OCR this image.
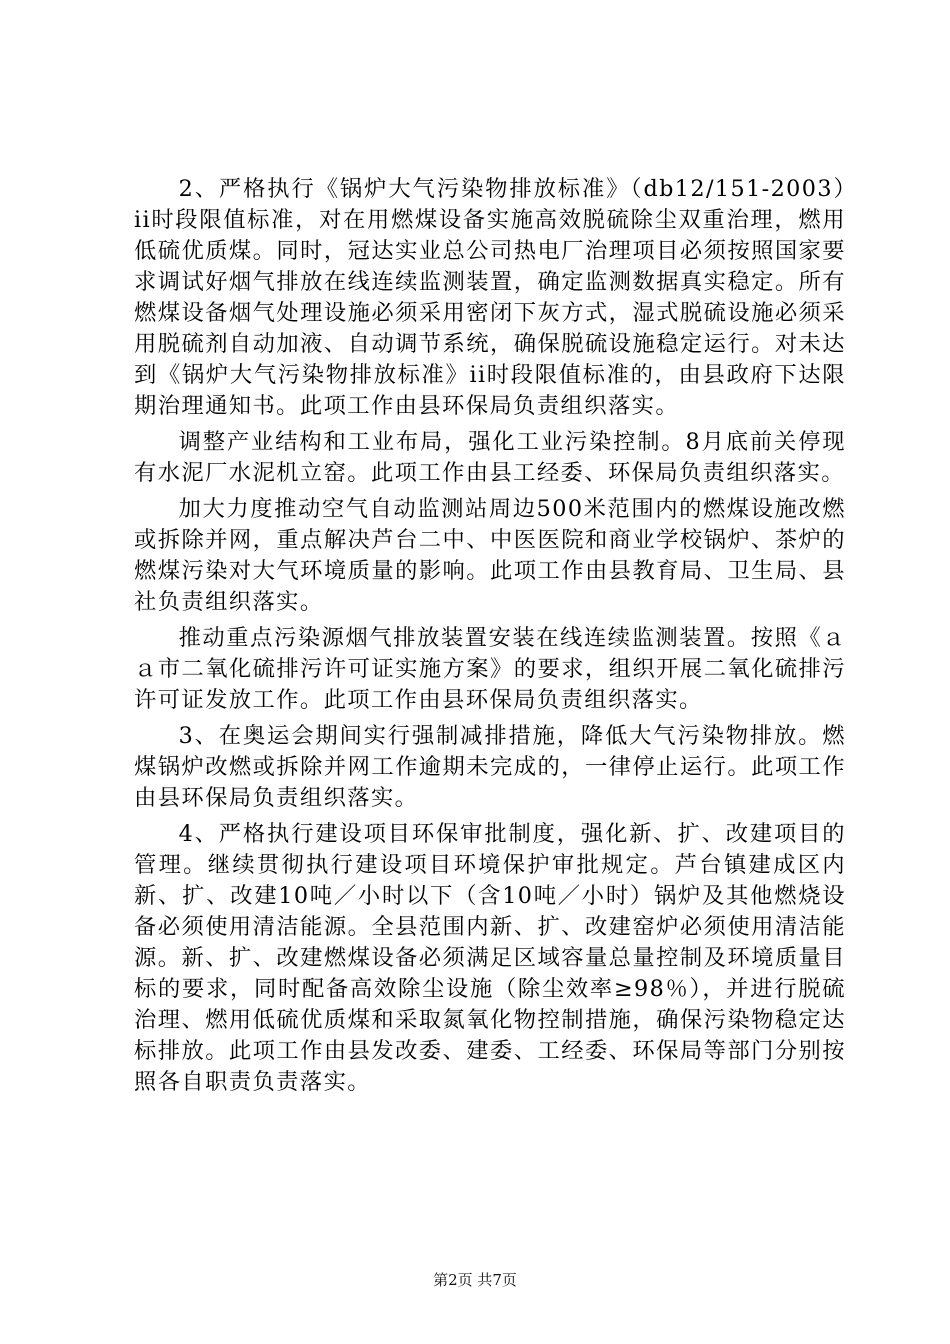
2、严格执行《锅炉大气污染物排放标准》（db12/151-2003）ii时段限值标准，对在用燃煤设备实施高效脱硫除尘双重治理，燃用低硫优质煤。同时，冠达实业总公司热电厂治理项目必须按照国家要求调试好烟气排放在线连续监测装置，确定监测数据真实稳定。所有燃煤设备烟气处理设施必须采用密闭下灰方式，湿式脱硫设施必须采用脱硫剂自动加液、自动调节系统，确保脱硫设施稳定运行。对未达到《锅炉大气污染物排放标准》ii时段限值标准的，由县政府下达限期治理通知书。此项工作由县环保局负责组织落实。

调整产业结构和工业布局，强化工业污染控制。8月底前关停现有水泥厂水泥机立窑。此项工作由县工经委、环保局负责组织落实。

加大力度推动空气自动监测站周边500米范围内的燃煤设施改燃或拆除并网，重点解决芦台二中、中医医院和商业学校锅炉、茶炉的燃煤污染对大气环境质量的影响。此项工作由县教育局、卫生局、县社负责组织落实。

推动重点污染源烟气排放装置安装在线连续监测装置。按照《ａａ市二氧化硫排污许可证实施方案》的要求，组织开展二氧化硫排污许可证发放工作。此项工作由县环保局负责组织落实。

3、在奥运会期间实行强制减排措施，降低大气污染物排放。燃煤锅炉改燃或拆除并网工作逾期未完成的，一律停止运行。此项工作由县环保局负责组织落实。

4、严格执行建设项目环保审批制度，强化新、扩、改建项目的管理。继续贯彻执行建设项目环境保护审批规定。芦台镇建成区内新、扩、改建10吨／小时以下（含10吨／小时）锅炉及其他燃烧设备必须使用清洁能源。全县范围内新、扩、改建窑炉必须使用清洁能源。新、扩、改建燃煤设备必须满足区域容量总量控制及环境质量目标的要求，同时配备高效除尘设施（除尘效率≥98％），并进行脱硫治理、燃用低硫优质煤和采取氮氧化物控制措施，确保污染物稳定达标排放。此项工作由县发改委、建委、工经委、环保局等部门分别按照各自职责负责落实。

第2页 共7页
